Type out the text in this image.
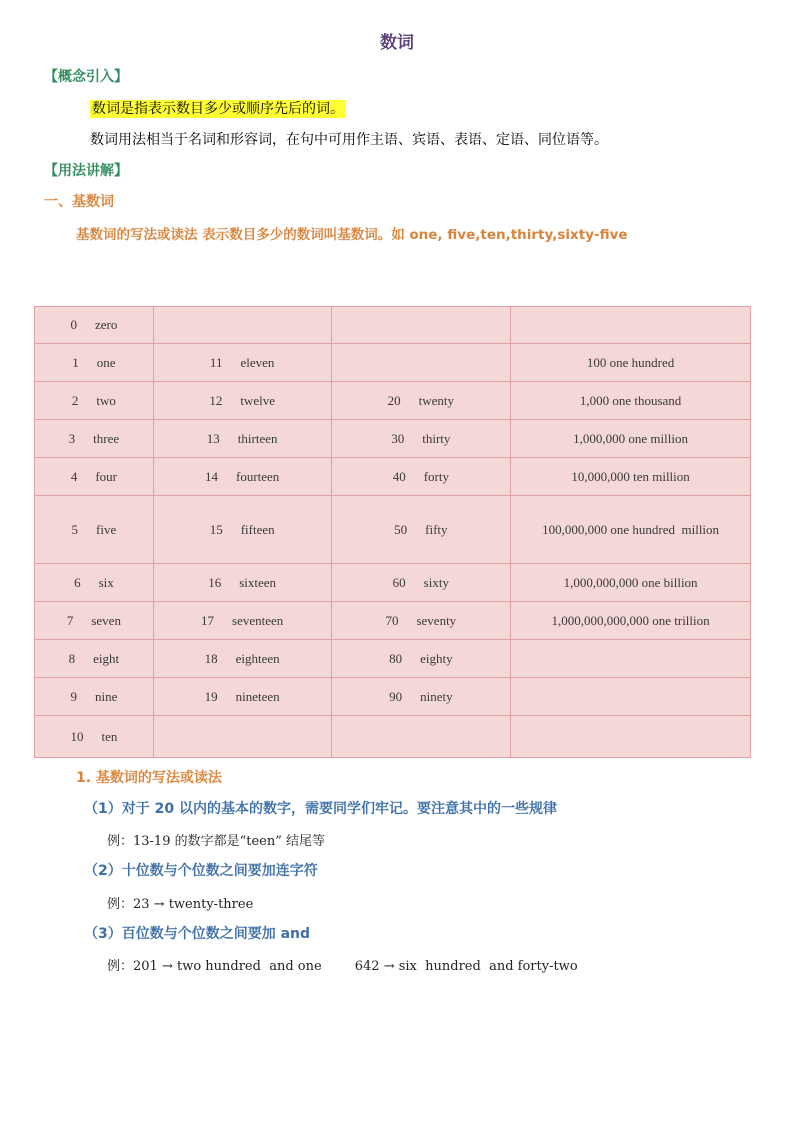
数词
【概念引入】
数词是指表示数目多少或顺序先后的词。
数词用法相当于名词和形容词，在句中可用作主语、宾语、表语、定语、同位语等。
【用法讲解】
一、基数词
基数词的写法或读法 表示数目多少的数词叫基数词。如 one, five,ten,thirty,sixty-five
0 zero			
1 one	11 eleven		100 one hundred
2 two	12 twelve	20 twenty	1,000 one thousand
3 three	13 thirteen	30 thirty	1,000,000 one million
4 four	14 fourteen	40 forty	10,000,000 ten million
5 five	15 fifteen	50 fifty	100,000,000 one hundred  million
6 six	16 sixteen	60 sixty	1,000,000,000 one billion
7 seven	17 seventeen	70 seventy	1,000,000,000,000 one trillion
8 eight	18 eighteen	80 eighty	
9 nine	19 nineteen	90 ninety	
10 ten			
1. 基数词的写法或读法
（1）对于 20 以内的基本的数字，需要同学们牢记。要注意其中的一些规律
例：13-19 的数字都是“teen” 结尾等
（2）十位数与个位数之间要加连字符
例：23 → twenty-three
（3）百位数与个位数之间要加 and
例：201 → two hundred  and one        642 → six  hundred  and forty-two
